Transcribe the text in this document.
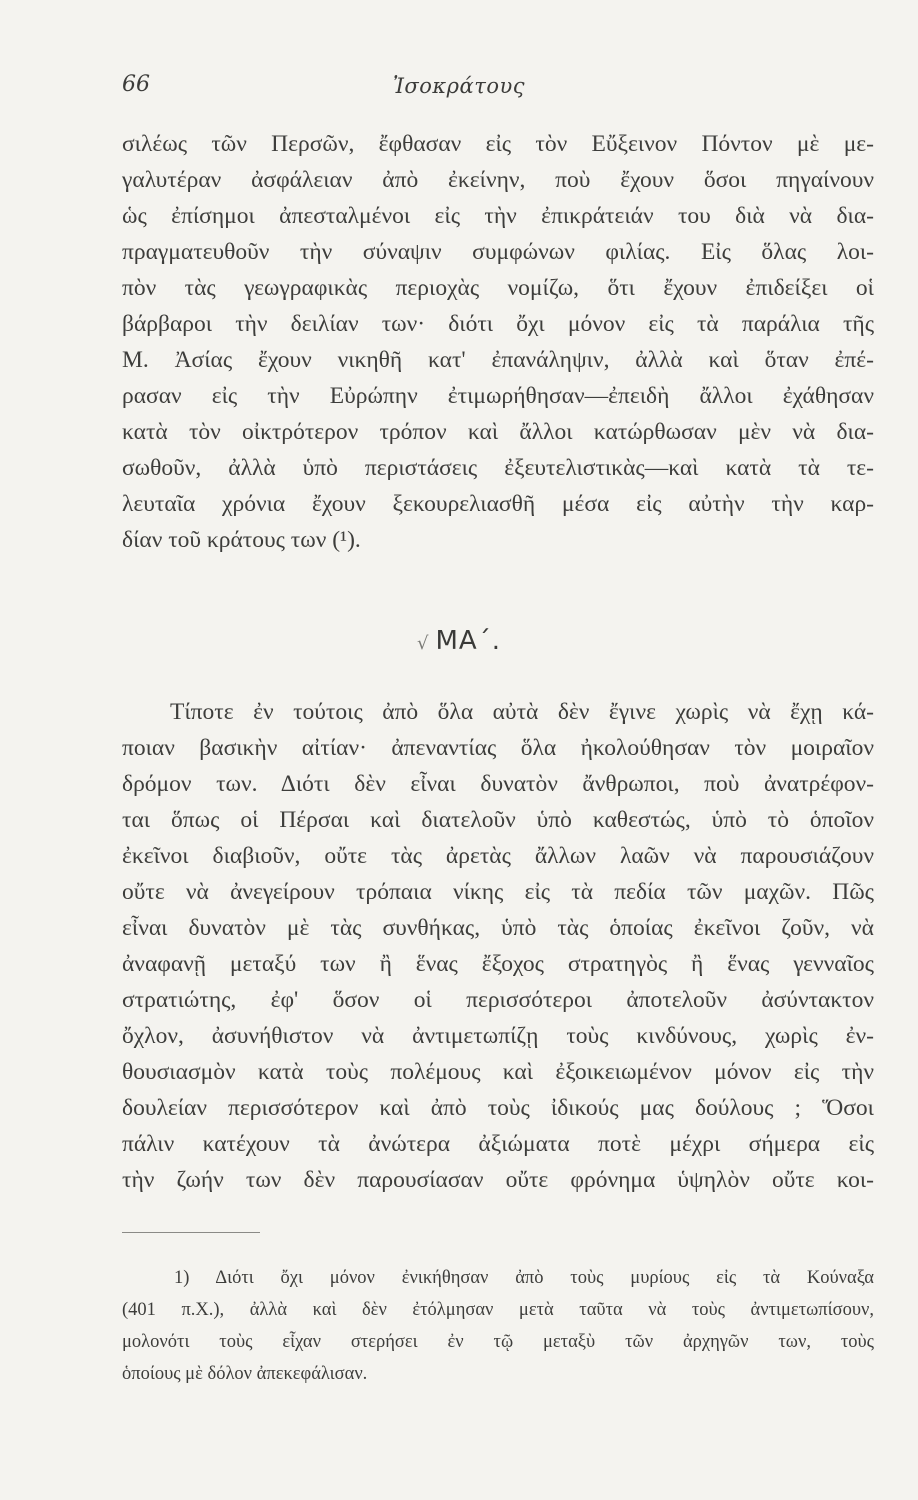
66	Ἰσοκράτους
σιλέως τῶν Περσῶν, ἔφθασαν εἰς τὸν Εὔξεινον Πόντον μὲ με-
γαλυτέραν ἀσφάλειαν ἀπὸ ἐκείνην, ποὺ ἔχουν ὅσοι πηγαίνουν
ὡς ἐπίσημοι ἀπεσταλμένοι εἰς τὴν ἐπικράτειάν του διὰ νὰ δια-
πραγματευθοῦν τὴν σύναψιν συμφώνων φιλίας. Εἰς ὅλας λοι-
πὸν τὰς γεωγραφικὰς περιοχὰς νομίζω, ὅτι ἔχουν ἐπιδείξει οἱ
βάρβαροι τὴν δειλίαν των· διότι ὄχι μόνον εἰς τὰ παράλια τῆς
Μ. Ἀσίας ἔχουν νικηθῆ κατ' ἐπανάληψιν, ἀλλὰ καὶ ὅταν ἐπέ-
ρασαν εἰς τὴν Εὐρώπην ἐτιμωρήθησαν—ἐπειδὴ ἄλλοι ἐχάθησαν
κατὰ τὸν οἰκτρότερον τρόπον καὶ ἄλλοι κατώρθωσαν μὲν νὰ δια-
σωθοῦν, ἀλλὰ ὑπὸ περιστάσεις ἐξευτελιστικὰς—καὶ κατὰ τὰ τε-
λευταῖα χρόνια ἔχουν ξεκουρελιασθῆ μέσα εἰς αὐτὴν τὴν καρ-
δίαν τοῦ κράτους των (¹).
√ ΜΑ΄.
Τίποτε ἐν τούτοις ἀπὸ ὅλα αὐτὰ δὲν ἔγινε χωρὶς νὰ ἔχῃ κά-
ποιαν βασικὴν αἰτίαν· ἀπεναντίας ὅλα ἠκολούθησαν τὸν μοιραῖον
δρόμον των. Διότι δὲν εἶναι δυνατὸν ἄνθρωποι, ποὺ ἀνατρέφον-
ται ὅπως οἱ Πέρσαι καὶ διατελοῦν ὑπὸ καθεστώς, ὑπὸ τὸ ὁποῖον
ἐκεῖνοι διαβιοῦν, οὔτε τὰς ἀρετὰς ἄλλων λαῶν νὰ παρουσιάζουν
οὔτε νὰ ἀνεγείρουν τρόπαια νίκης εἰς τὰ πεδία τῶν μαχῶν. Πῶς
εἶναι δυνατὸν μὲ τὰς συνθήκας, ὑπὸ τὰς ὁποίας ἐκεῖνοι ζοῦν, νὰ
ἀναφανῇ μεταξύ των ἢ ἕνας ἔξοχος στρατηγὸς ἢ ἕνας γενναῖος
στρατιώτης, ἐφ' ὅσον οἱ περισσότεροι ἀποτελοῦν ἀσύντακτον
ὄχλον, ἀσυνήθιστον νὰ ἀντιμετωπίζῃ τοὺς κινδύνους, χωρὶς ἐν-
θουσιασμὸν κατὰ τοὺς πολέμους καὶ ἐξοικειωμένον μόνον εἰς τὴν
δουλείαν περισσότερον καὶ ἀπὸ τοὺς ἰδικούς μας δούλους ; Ὅσοι
πάλιν κατέχουν τὰ ἀνώτερα ἀξιώματα ποτὲ μέχρι σήμερα εἰς
τὴν ζωήν των δὲν παρουσίασαν οὔτε φρόνημα ὑψηλὸν οὔτε κοι-
1) Διότι ὄχι μόνον ἐνικήθησαν ἀπὸ τοὺς μυρίους εἰς τὰ Κούναξα
(401 π.Χ.), ἀλλὰ καὶ δὲν ἐτόλμησαν μετὰ ταῦτα νὰ τοὺς ἀντιμετωπίσουν,
μολονότι τοὺς εἶχαν στερήσει ἐν τῷ μεταξὺ τῶν ἀρχηγῶν των, τοὺς
ὁποίους μὲ δόλον ἀπεκεφάλισαν.
